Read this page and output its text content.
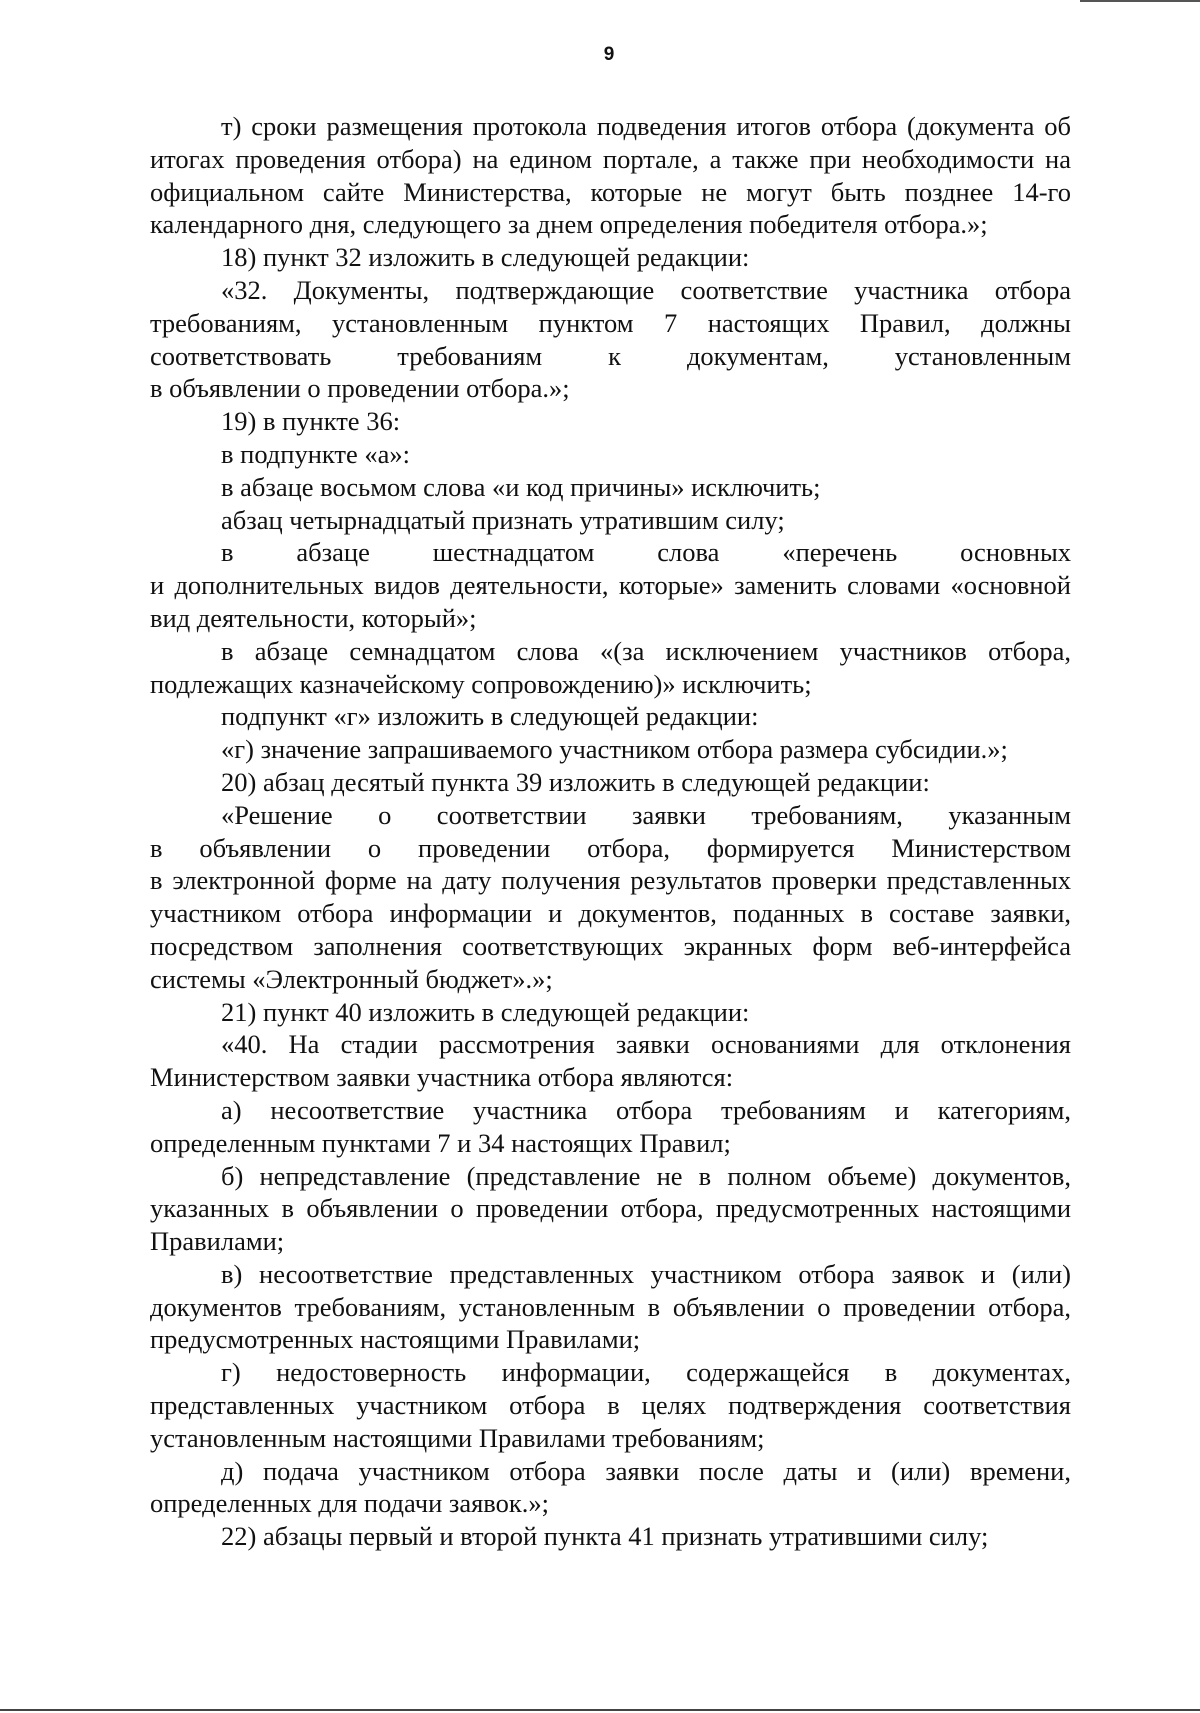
9

т) сроки размещения протокола подведения итогов отбора (документа об итогах проведения отбора) на едином портале, а также при необходимости на официальном сайте Министерства, которые не могут быть позднее 14-го календарного дня, следующего за днем определения победителя отбора.»;

18) пункт 32 изложить в следующей редакции:

«32. Документы, подтверждающие соответствие участника отбора требованиям, установленным пунктом 7 настоящих Правил, должны соответствовать требованиям к документам, установленным

в объявлении о проведении отбора.»;

19) в пункте 36:

в подпункте «а»:

в абзаце восьмом слова «и код причины» исключить;

абзац четырнадцатый признать утратившим силу;

в абзаце шестнадцатом слова «перечень основных

и дополнительных видов деятельности, которые» заменить словами «основной вид деятельности, который»;

в абзаце семнадцатом слова «(за исключением участников отбора, подлежащих казначейскому сопровождению)» исключить;

подпункт «г» изложить в следующей редакции:

«г) значение запрашиваемого участником отбора размера субсидии.»;

20) абзац десятый пункта 39 изложить в следующей редакции:

«Решение о соответствии заявки требованиям, указанным

в объявлении о проведении отбора, формируется Министерством

в электронной форме на дату получения результатов проверки представленных участником отбора информации и документов, поданных в составе заявки, посредством заполнения соответствующих экранных форм веб-интерфейса системы «Электронный бюджет».»;

21) пункт 40 изложить в следующей редакции:

«40. На стадии рассмотрения заявки основаниями для отклонения Министерством заявки участника отбора являются:

а) несоответствие участника отбора требованиям и категориям, определенным пунктами 7 и 34 настоящих Правил;

б) непредставление (представление не в полном объеме) документов, указанных в объявлении о проведении отбора, предусмотренных настоящими Правилами;

в) несоответствие представленных участником отбора заявок и (или) документов требованиям, установленным в объявлении о проведении отбора, предусмотренных настоящими Правилами;

г) недостоверность информации, содержащейся в документах, представленных участником отбора в целях подтверждения соответствия установленным настоящими Правилами требованиям;

д) подача участником отбора заявки после даты и (или) времени, определенных для подачи заявок.»;

22) абзацы первый и второй пункта 41 признать утратившими силу;
